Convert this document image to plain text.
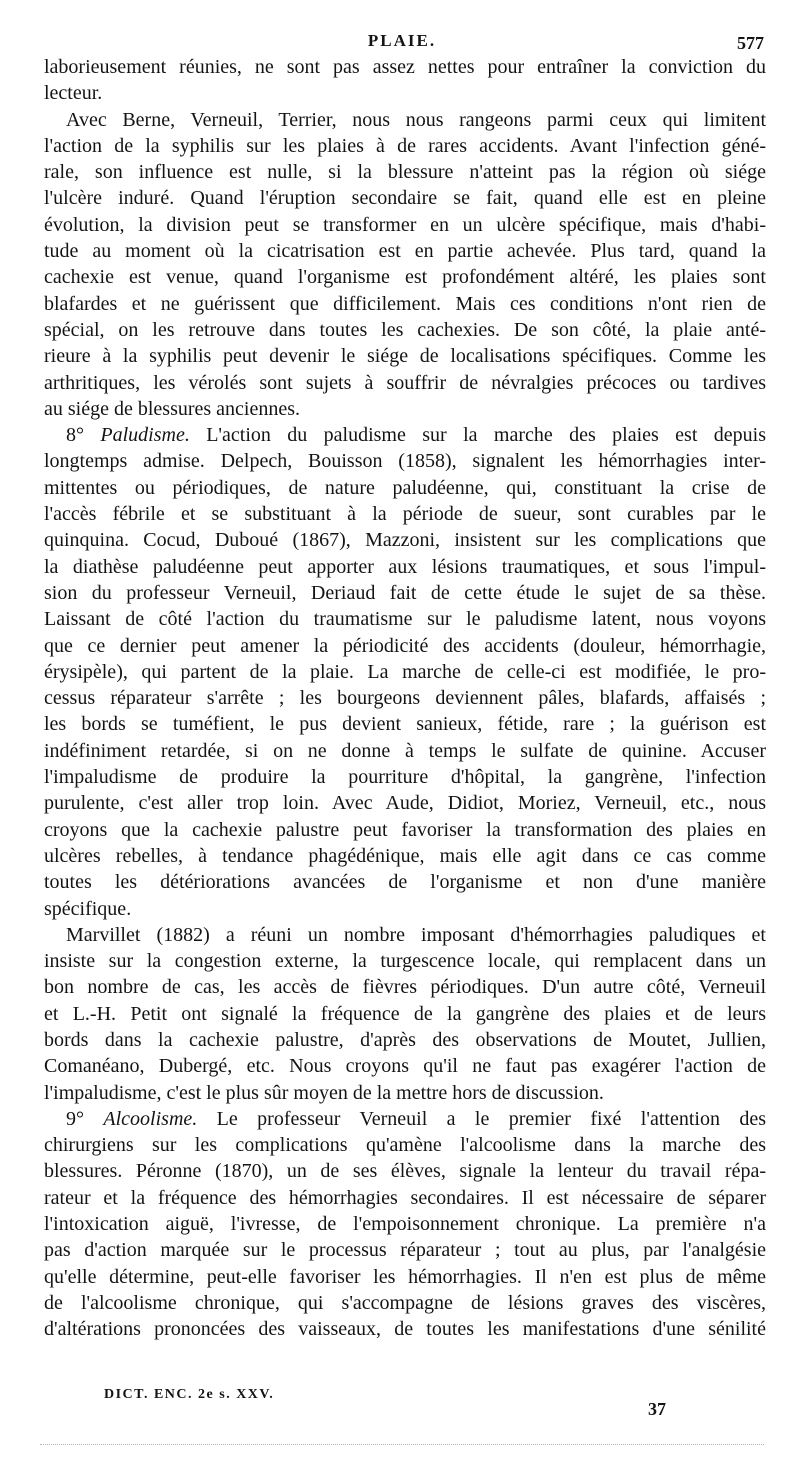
PLAIE.	577
laborieusement réunies, ne sont pas assez nettes pour entraîner la conviction du
lecteur.
Avec Berne, Verneuil, Terrier, nous nous rangeons parmi ceux qui limitent
l'action de la syphilis sur les plaies à de rares accidents. Avant l'infection géné-
rale, son influence est nulle, si la blessure n'atteint pas la région où siége
l'ulcère induré. Quand l'éruption secondaire se fait, quand elle est en pleine
évolution, la division peut se transformer en un ulcère spécifique, mais d'habi-
tude au moment où la cicatrisation est en partie achevée. Plus tard, quand la
cachexie est venue, quand l'organisme est profondément altéré, les plaies sont
blafardes et ne guérissent que difficilement. Mais ces conditions n'ont rien de
spécial, on les retrouve dans toutes les cachexies. De son côté, la plaie anté-
rieure à la syphilis peut devenir le siége de localisations spécifiques. Comme les
arthritiques, les vérolés sont sujets à souffrir de névralgies précoces ou tardives
au siége de blessures anciennes.
8° Paludisme. L'action du paludisme sur la marche des plaies est depuis
longtemps admise. Delpech, Bouisson (1858), signalent les hémorrhagies inter-
mittentes ou périodiques, de nature paludéenne, qui, constituant la crise de
l'accès fébrile et se substituant à la période de sueur, sont curables par le
quinquina. Cocud, Duboué (1867), Mazzoni, insistent sur les complications que
la diathèse paludéenne peut apporter aux lésions traumatiques, et sous l'impul-
sion du professeur Verneuil, Deriaud fait de cette étude le sujet de sa thèse.
Laissant de côté l'action du traumatisme sur le paludisme latent, nous voyons
que ce dernier peut amener la périodicité des accidents (douleur, hémorrhagie,
érysipèle), qui partent de la plaie. La marche de celle-ci est modifiée, le pro-
cessus réparateur s'arrête ; les bourgeons deviennent pâles, blafards, affaisés ;
les bords se tuméfient, le pus devient sanieux, fétide, rare ; la guérison est
indéfiniment retardée, si on ne donne à temps le sulfate de quinine. Accuser
l'impaludisme de produire la pourriture d'hôpital, la gangrène, l'infection
purulente, c'est aller trop loin. Avec Aude, Didiot, Moriez, Verneuil, etc., nous
croyons que la cachexie palustre peut favoriser la transformation des plaies en
ulcères rebelles, à tendance phagédénique, mais elle agit dans ce cas comme
toutes les détériorations avancées de l'organisme et non d'une manière
spécifique.
Marvillet (1882) a réuni un nombre imposant d'hémorrhagies paludiques et
insiste sur la congestion externe, la turgescence locale, qui remplacent dans un
bon nombre de cas, les accès de fièvres périodiques. D'un autre côté, Verneuil
et L.-H. Petit ont signalé la fréquence de la gangrène des plaies et de leurs
bords dans la cachexie palustre, d'après des observations de Moutet, Jullien,
Comanéano, Dubergé, etc. Nous croyons qu'il ne faut pas exagérer l'action de
l'impaludisme, c'est le plus sûr moyen de la mettre hors de discussion.
9° Alcoolisme. Le professeur Verneuil a le premier fixé l'attention des
chirurgiens sur les complications qu'amène l'alcoolisme dans la marche des
blessures. Péronne (1870), un de ses élèves, signale la lenteur du travail répa-
rateur et la fréquence des hémorrhagies secondaires. Il est nécessaire de séparer
l'intoxication aiguë, l'ivresse, de l'empoisonnement chronique. La première n'a
pas d'action marquée sur le processus réparateur ; tout au plus, par l'analgésie
qu'elle détermine, peut-elle favoriser les hémorrhagies. Il n'en est plus de même
de l'alcoolisme chronique, qui s'accompagne de lésions graves des viscères,
d'altérations prononcées des vaisseaux, de toutes les manifestations d'une sénilité
DICT. ENC. 2e s. XXV.
37
